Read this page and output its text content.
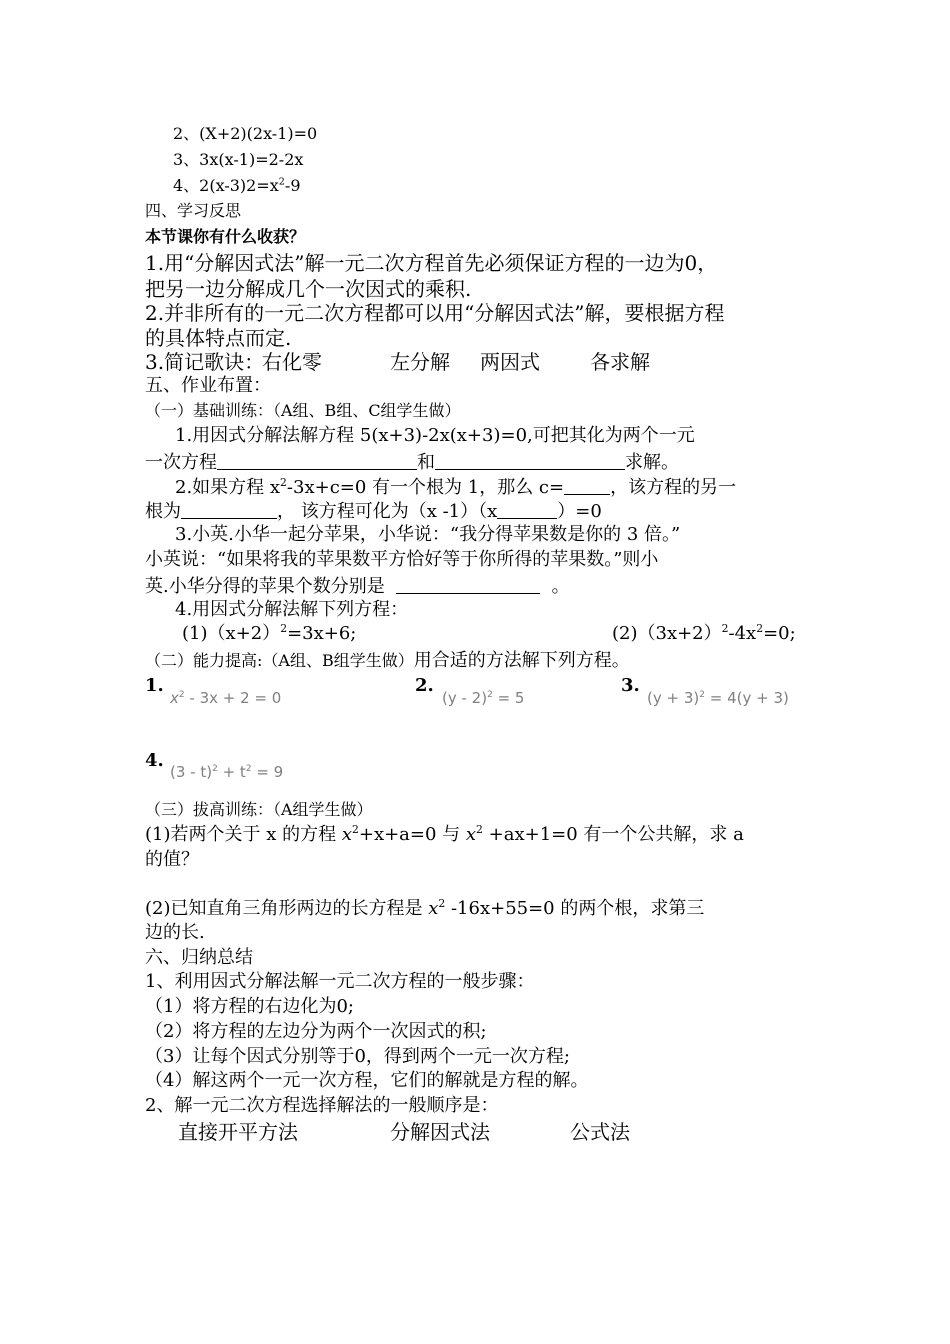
2、(X+2)(2x-1)=0
3、3x(x-1)=2-2x
4、$2(x-3)2=x^2-9$
四、学习反思
本节课你有什么收获？
1.用“分解因式法”解一元二次方程首先必须保证方程的一边为0，
把另一边分解成几个一次因式的乘积.
2.并非所有的一元二次方程都可以用“分解因式法”解，要根据方程
的具体特点而定.
3.简记歌诀：
右化零	左分解 两因式	各求解
五、作业布置：
（一）基础训练：（A组、B组、C组学生做）
1.用因式分解法解方程 5(x+3)-2x(x+3)=0,可把其化为两个一元
一次方程	和	求解。
2.如果方程 $x^2-3x+c=0$ 有一个根为 1，那么 c=	，该方程的另一
根为	， 该方程可化为（x -1）（x	）=0
3.小英.小华一起分苹果，小华说：“我分得苹果数是你的 3 倍。”
小英说：“如果将我的苹果数平方恰好等于你所得的苹果数。”则小
英.小华分得的苹果个数分别是	。
4.用因式分解法解下列方程：
$(1)(x+2)^2=3x+6$;	$(2)(3x+2)^2-4x^2=0$;
（二）能力提高:（A组、B组学生做）用合适的方法解下列方程。
1.
$x^2 - 3x + 2 = 0$
2.
(y - 2)$^2$ = 5
3.
$(y + 3)^2 = 4(y + 3)$
4.
$(3 - t)^2 + t^2 = 9$
（三）拔高训练：（A组学生做）
(1)若两个关于 x 的方程 $x^2+x+a=0$ 与 $x^2 +ax+1=0$ 有一个公共解，求 a
的值？
(2)已知直角三角形两边的长方程是 $x^2$ -16x+55=0 的两个根，求第三
边的长.
六、归纳总结
1、利用因式分解法解一元二次方程的一般步骤：
（1）将方程的右边化为0;
（2）将方程的左边分为两个一次因式的积;
（3）让每个因式分别等于0，得到两个一元一次方程;
（4）解这两个一元一次方程，它们的解就是方程的解。
2、解一元二次方程选择解法的一般顺序是：
直接开平方法	分解因式法	公式法
